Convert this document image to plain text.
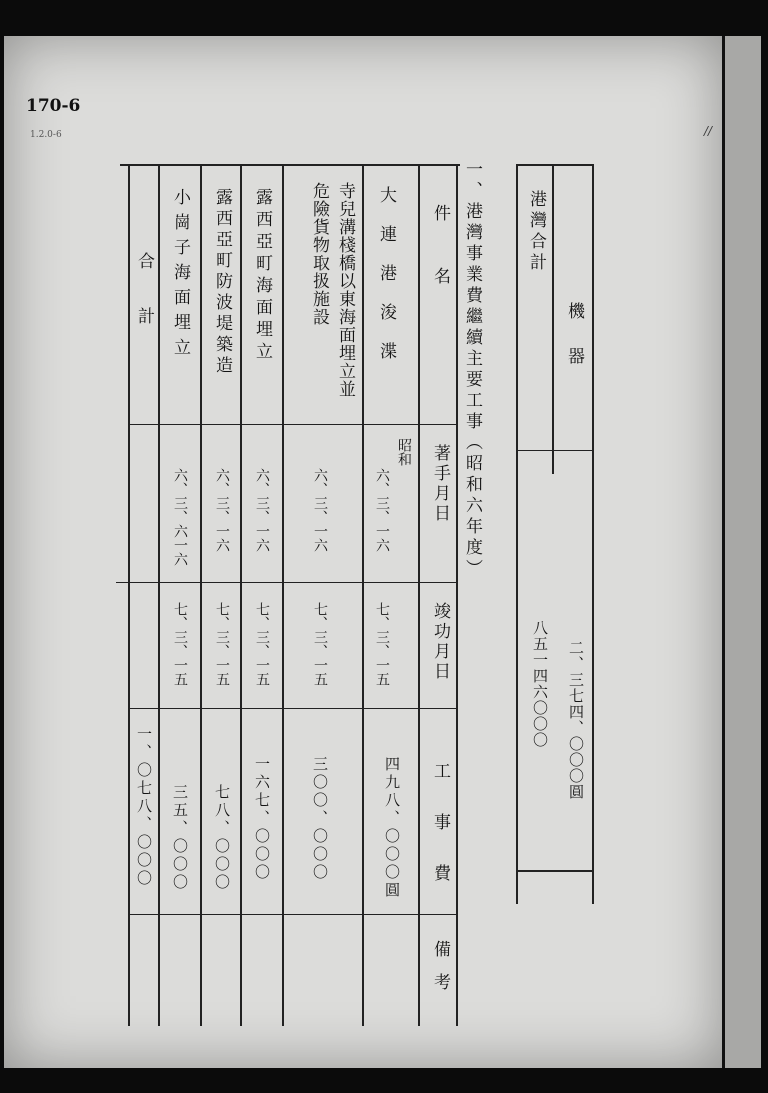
170-6
1.2.0-6	//
港灣合計
機器
二、三七四、〇〇〇圓
八五一四六〇〇〇
一、港灣事業費繼續主要工事（昭和六年度）
件名
著手月日
竣功月日
工事費
備考
大連港浚渫
昭和
六、三、一六
七、三、一五
四九八、〇〇〇圓
寺兒溝棧橋以東海面埋立並危險貨物取扱施設
六、三、一六
七、三、一五
三〇〇、〇〇〇
露西亞町海面埋立
六、三、一六
七、三、一五
一六七、〇〇〇
露西亞町防波堤築造
六、三、一六
七、三、一五
七八、〇〇〇
小崗子海面埋立
六、三、六一六
七、三、一五
三五、〇〇〇
合計
一、〇七八、〇〇〇
